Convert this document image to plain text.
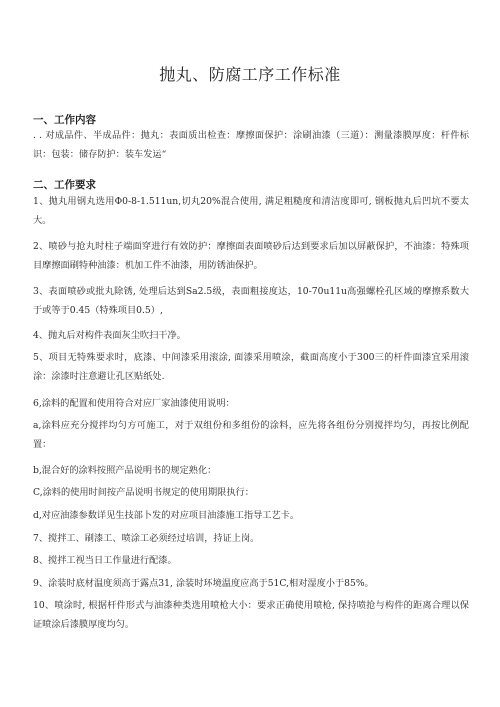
抛丸、防腐工序工作标准
一、工作内容
. . 对成品件、半成品件：抛丸：表面质出检查：摩擦面保护：涂刷油漆（三道）：测量漆膜厚度：杆件标识：包装：储存防护：装车发运“
二、工作要求
1、抛丸用钢丸选用Φ0-8-1.511un,切丸20%混合使用, 满足粗糙度和清洁度即可, 钢板抛丸后凹坑不要太大。
2、喷砂与抢丸时柱子端面穿进行有效防护：摩擦面表面喷砂后达到要求后加以屏蔽保护，不油漆：特殊项目摩擦面刷特种油漆：机加工件不油漆，用防锈油保护。
3、表面喷砂或批丸除锈, 处理后达到Sa2.5级，表面粗接度达，10-70u11u高强螺栓孔区域的摩擦系数大于或等于0.45（特殊项目0.5）,
4、抛丸后对构件表面灰尘吹扫干净。
5、项目无特殊要求时，底漆、中间漆采用滚涂, 面漆采用喷涂，截面高度小于300三的杆件面漆宜采用滚涂：涂漆时注意避让孔区贴纸处.
6,涂料的配置和使用符合对应厂家油漆使用说明：
a,涂料应充分搅拌均匀方可施工，对于双组份和多组份的涂料，应先将各组份分别搅拌均匀，再按比例配置：
b,混合好的涂料按照产品说明书的规定熟化：
C,涂料的使用时间按产品说明书规定的使用期限执行：
d,对应油漆参数详见生技部卜发的对应项目油漆施工指导工艺卡。
7、搅拌工、刷漆工、喷涂工必须经过培训，持证上岗。
8、搅拌工视当日工作量进行配漆。
9、涂装时底材温度须高于露点31, 涂装时环境温度应高于51C,相对湿度小于85%。
10、喷涂时, 根据杆件形式与油漆种类选用喷枪大小：要求正确使用喷枪, 保持喷抢与构件的距离合理以保证喷涂后漆膜厚度均匀。
